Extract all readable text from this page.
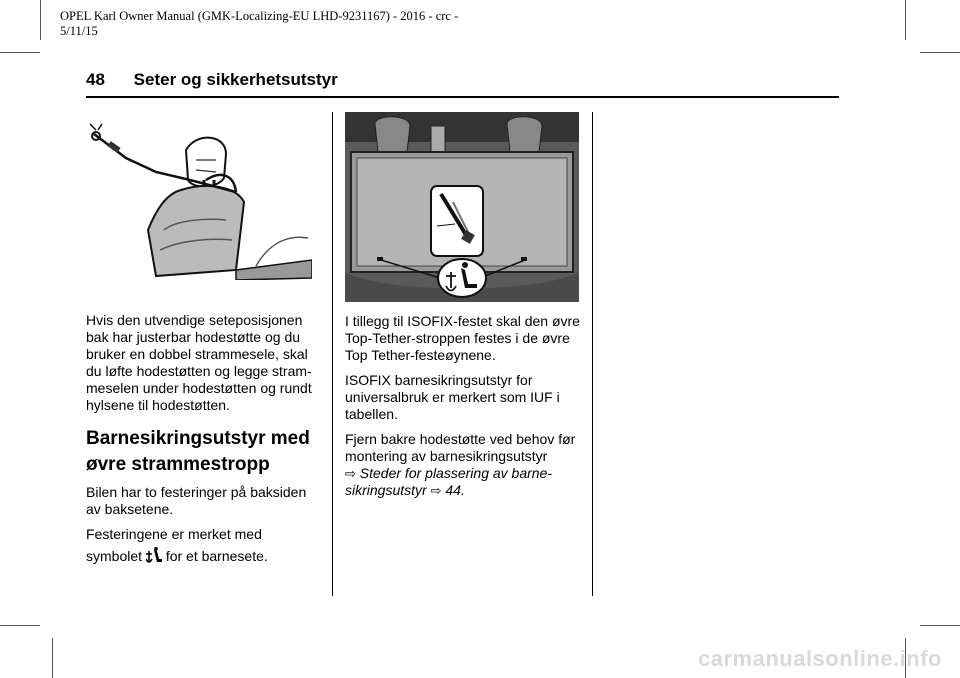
OPEL Karl Owner Manual (GMK-Localizing-EU LHD-9231167) - 2016 - crc -
5/11/15
48 Seter og sikkerhetsutstyr

Hvis den utvendige seteposisjonen bak har justerbar hodestøtte og du bruker en dobbel strammesele, skal du løfte hodestøtten og legge stram-meselen under hodestøtten og rundt hylsene til hodestøtten.

Barnesikringsutstyr med
øvre strammestropp

Bilen har to festeringer på baksiden av baksetene.

Festeringene er merket med

symbolet for et barnesete.

I tillegg til ISOFIX-festet skal den øvre Top-Tether-stroppen festes i de øvre Top Tether-festeøynene.

ISOFIX barnesikringsutstyr for universalbruk er merkert som IUF i tabellen.

Fjern bakre hodestøtte ved behov før montering av barnesikringsutstyr
⇨ Steder for plassering av barne-sikringsutstyr ⇨ 44.

carmanualsonline.info
